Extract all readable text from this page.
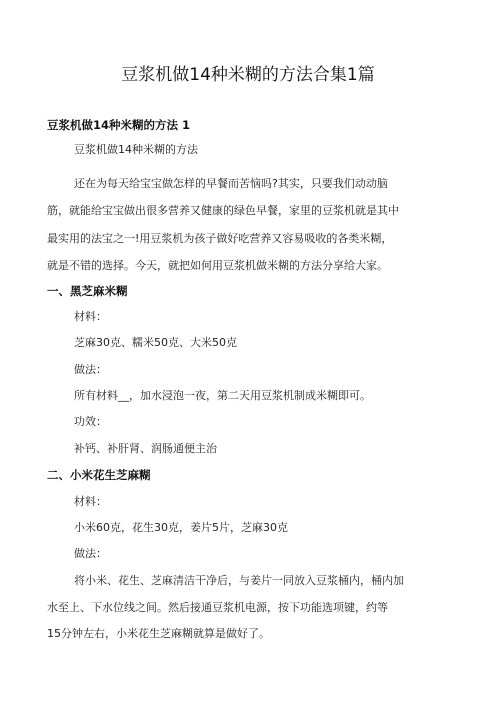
豆浆机做14种米糊的方法合集1篇
豆浆机做14种米糊的方法 1
豆浆机做14种米糊的方法
还在为每天给宝宝做怎样的早餐而苦恼吗?其实，只要我们动动脑
筋，就能给宝宝做出很多营养又健康的绿色早餐，家里的豆浆机就是其中
最实用的法宝之一!用豆浆机为孩子做好吃营养又容易吸收的各类米糊，
就是不错的选择。今天，就把如何用豆浆机做米糊的方法分享给大家。
一、黑芝麻米糊
材料：
芝麻30克、糯米50克、大米50克
做法：
所有材料__，加水浸泡一夜，第二天用豆浆机制成米糊即可。
功效：
补钙、补肝肾、润肠通便主治
二、小米花生芝麻糊
材料：
小米60克，花生30克，姜片5片，芝麻30克
做法：
将小米、花生、芝麻清洁干净后，与姜片一同放入豆浆桶内，桶内加
水至上、下水位线之间。然后接通豆浆机电源，按下功能选项键，约等
15分钟左右，小米花生芝麻糊就算是做好了。
